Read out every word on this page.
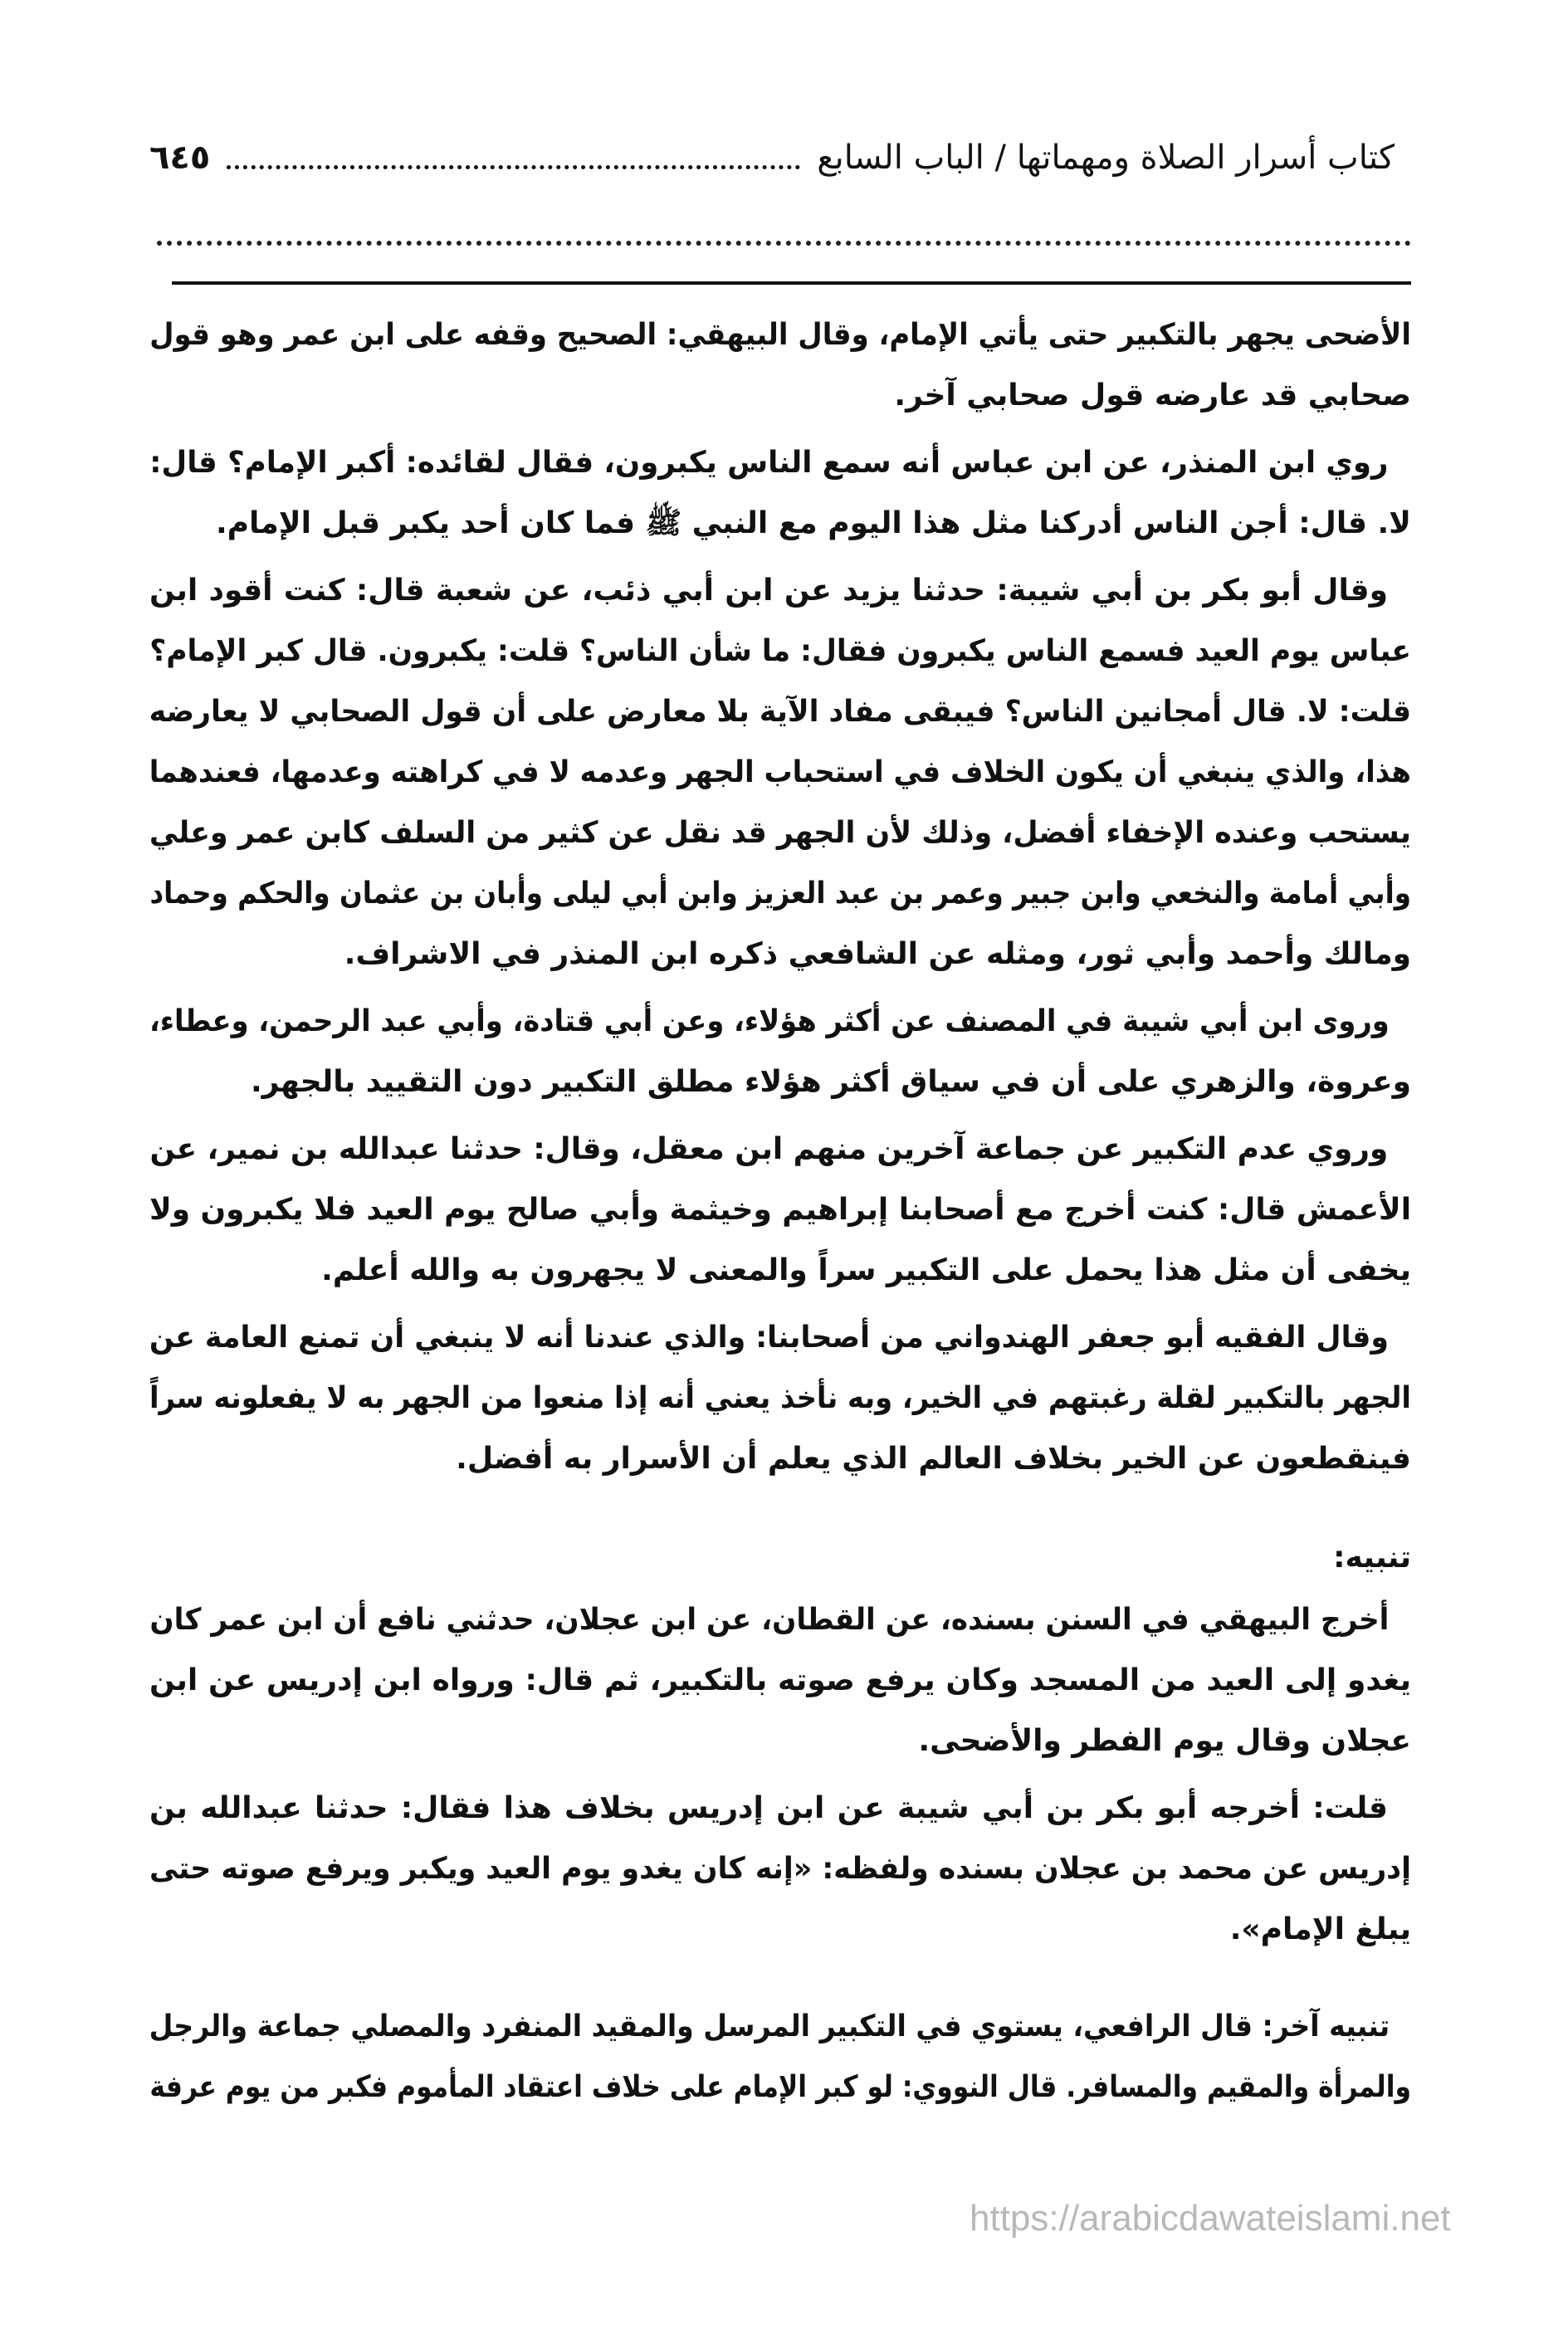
كتاب أسرار الصلاة ومهماتها / الباب السابع
٦٤٥
الأضحى يجهر بالتكبير حتى يأتي الإمام، وقال البيهقي: الصحيح وقفه على ابن عمر وهو قول
صحابي قد عارضه قول صحابي آخر.
روي ابن المنذر، عن ابن عباس أنه سمع الناس يكبرون، فقال لقائده: أكبر الإمام؟ قال:
لا. قال: أجن الناس أدركنا مثل هذا اليوم مع النبي ﷺ فما كان أحد يكبر قبل الإمام.
وقال أبو بكر بن أبي شيبة: حدثنا يزيد عن ابن أبي ذئب، عن شعبة قال: كنت أقود ابن
عباس يوم العيد فسمع الناس يكبرون فقال: ما شأن الناس؟ قلت: يكبرون. قال كبر الإمام؟
قلت: لا. قال أمجانين الناس؟ فيبقى مفاد الآية بلا معارض على أن قول الصحابي لا يعارضه
هذا، والذي ينبغي أن يكون الخلاف في استحباب الجهر وعدمه لا في كراهته وعدمها، فعندهما
يستحب وعنده الإخفاء أفضل، وذلك لأن الجهر قد نقل عن كثير من السلف كابن عمر وعلي
وأبي أمامة والنخعي وابن جبير وعمر بن عبد العزيز وابن أبي ليلى وأبان بن عثمان والحكم وحماد
ومالك وأحمد وأبي ثور، ومثله عن الشافعي ذكره ابن المنذر في الاشراف.
وروى ابن أبي شيبة في المصنف عن أكثر هؤلاء، وعن أبي قتادة، وأبي عبد الرحمن، وعطاء،
وعروة، والزهري على أن في سياق أكثر هؤلاء مطلق التكبير دون التقييد بالجهر.
وروي عدم التكبير عن جماعة آخرين منهم ابن معقل، وقال: حدثنا عبدالله بن نمير، عن
الأعمش قال: كنت أخرج مع أصحابنا إبراهيم وخيثمة وأبي صالح يوم العيد فلا يكبرون ولا
يخفى أن مثل هذا يحمل على التكبير سراً والمعنى لا يجهرون به والله أعلم.
وقال الفقيه أبو جعفر الهندواني من أصحابنا: والذي عندنا أنه لا ينبغي أن تمنع العامة عن
الجهر بالتكبير لقلة رغبتهم في الخير، وبه نأخذ يعني أنه إذا منعوا من الجهر به لا يفعلونه سراً
فينقطعون عن الخير بخلاف العالم الذي يعلم أن الأسرار به أفضل.
تنبيه:
أخرج البيهقي في السنن بسنده، عن القطان، عن ابن عجلان، حدثني نافع أن ابن عمر كان
يغدو إلى العيد من المسجد وكان يرفع صوته بالتكبير، ثم قال: ورواه ابن إدريس عن ابن
عجلان وقال يوم الفطر والأضحى.
قلت: أخرجه أبو بكر بن أبي شيبة عن ابن إدريس بخلاف هذا فقال: حدثنا عبدالله بن
إدريس عن محمد بن عجلان بسنده ولفظه: «إنه كان يغدو يوم العيد ويكبر ويرفع صوته حتى
يبلغ الإمام».
تنبيه آخر: قال الرافعي، يستوي في التكبير المرسل والمقيد المنفرد والمصلي جماعة والرجل
والمرأة والمقيم والمسافر. قال النووي: لو كبر الإمام على خلاف اعتقاد المأموم فكبر من يوم عرفة
https://arabicdawateislami.net
